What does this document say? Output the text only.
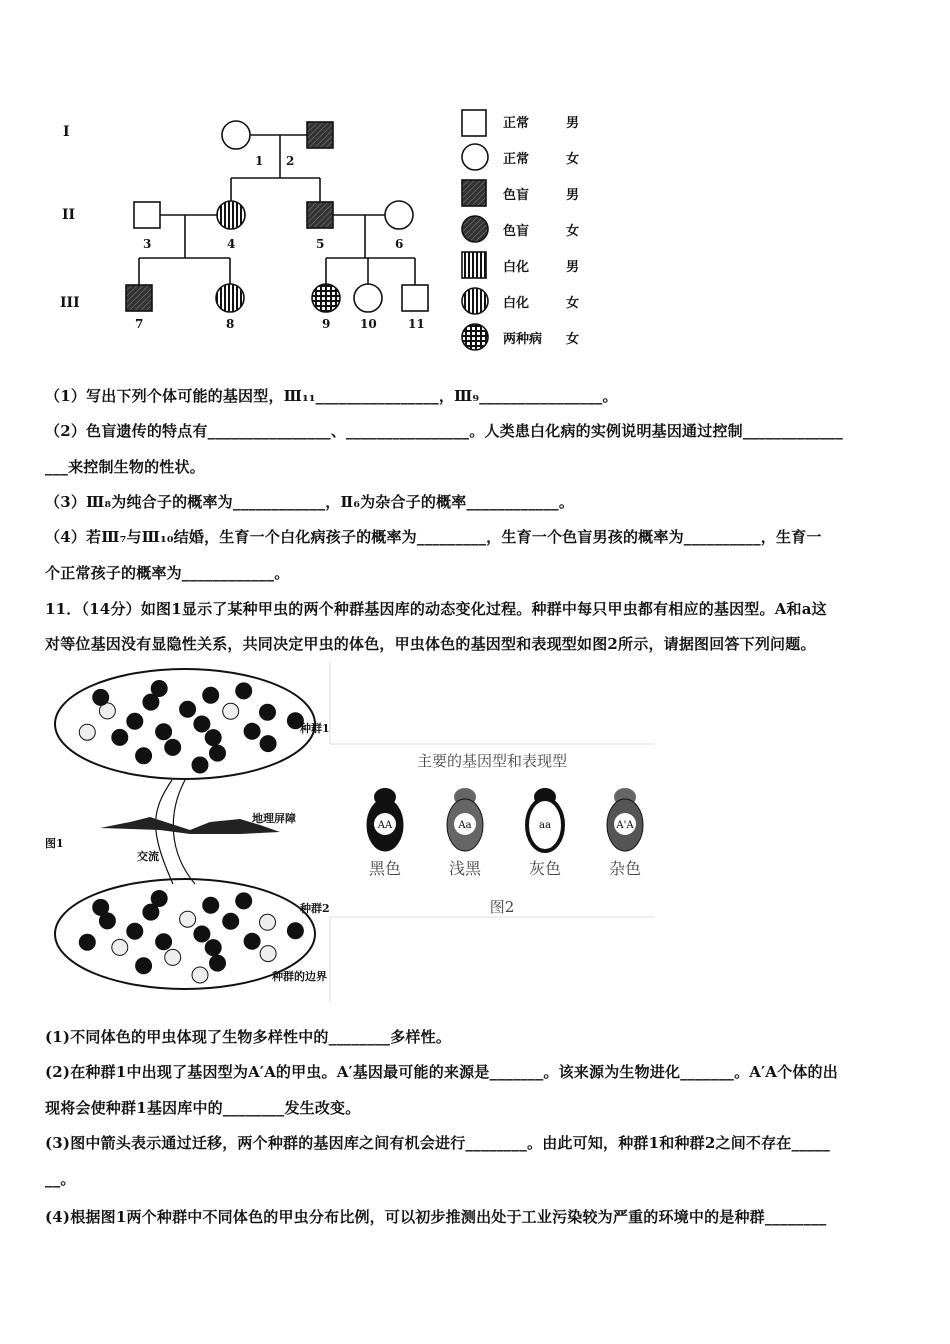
I
II
III
1 2
3	4	5	6
7	8	9 10	11
正常	男
正常	女
色盲	男
色盲	女
白化	男
白化	女
两种病 女
（1）写出下列个体可能的基因型，Ⅲ₁₁________________，Ⅲ₉________________。
（2）色盲遗传的特点有________________、________________。人类患白化病的实例说明基因通过控制_____________
___来控制生物的性状。
（3）Ⅲ₈为纯合子的概率为____________，Ⅱ₆为杂合子的概率____________。
（4）若Ⅲ₇与Ⅲ₁₀结婚，生育一个白化病孩子的概率为_________，生育一个色盲男孩的概率为__________，生育一
个正常孩子的概率为____________。
11．（14分）如图1显示了某种甲虫的两个种群基因库的动态变化过程。种群中每只甲虫都有相应的基因型。A和a这
对等位基因没有显隐性关系，共同决定甲虫的体色，甲虫体色的基因型和表现型如图2所示，请据图回答下列问题。
种群1
种群2
地理屏障
交流
种群的边界
图1
主要的基因型和表现型
AA
黑色
Aa
浅黑
aa
灰色
A'A
杂色
图2
(1)不同体色的甲虫体现了生物多样性中的________多样性。
(2)在种群1中出现了基因型为A′A的甲虫。A′基因最可能的来源是_______。该来源为生物进化_______。A′A个体的出
现将会使种群1基因库中的________发生改变。
(3)图中箭头表示通过迁移，两个种群的基因库之间有机会进行________。由此可知，种群1和种群2之间不存在_____
__。
(4)根据图1两个种群中不同体色的甲虫分布比例，可以初步推测出处于工业污染较为严重的环境中的是种群________
